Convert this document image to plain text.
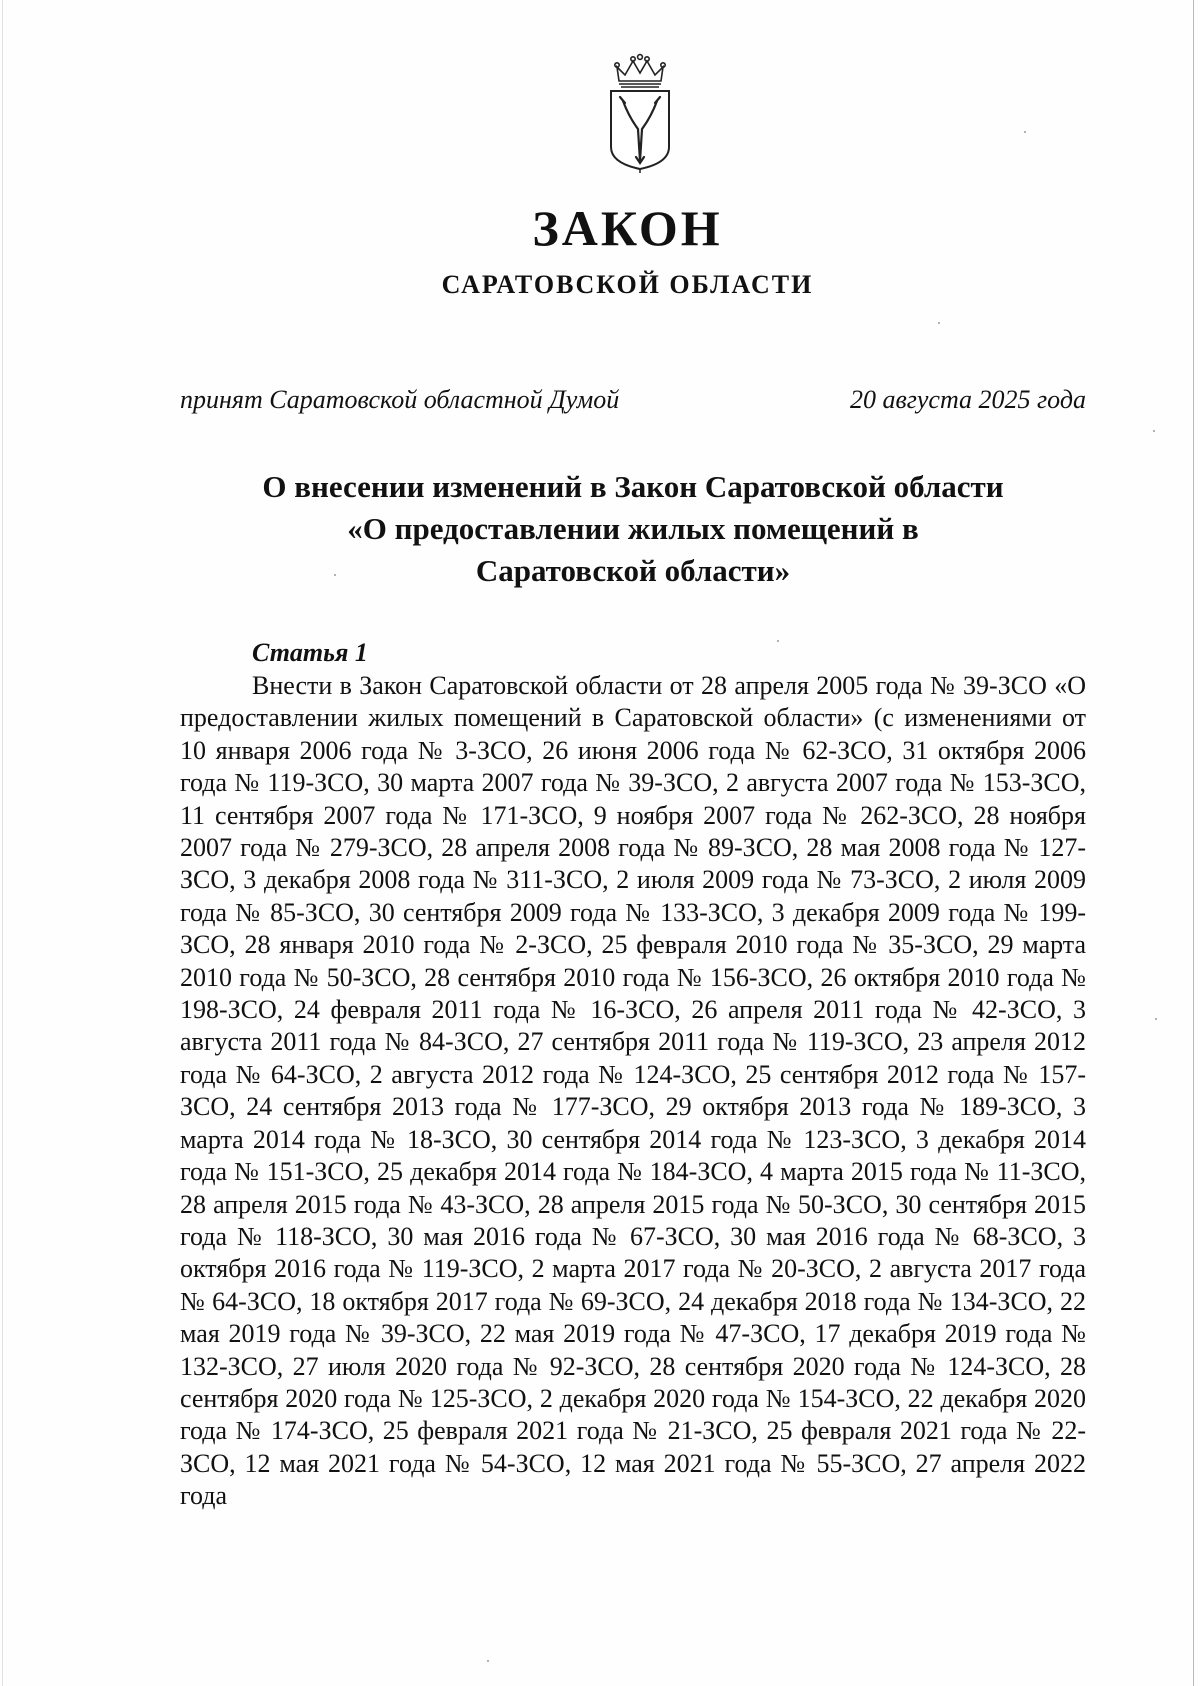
ЗАКОН
САРАТОВСКОЙ ОБЛАСТИ
принят Саратовской областной Думой	20 августа 2025 года
О внесении изменений в Закон Саратовской области
«О предоставлении жилых помещений в
Саратовской области»
Статья 1

Внести в Закон Саратовской области от 28 апреля 2005 года № 39-ЗСО «О предоставлении жилых помещений в Саратовской области» (с изменениями от 10 января 2006 года № 3-ЗСО, 26 июня 2006 года № 62-ЗСО, 31 октября 2006 года № 119-ЗСО, 30 марта 2007 года № 39-ЗСО, 2 августа 2007 года № 153-ЗСО, 11 сентября 2007 года № 171-ЗСО, 9 ноября 2007 года № 262-ЗСО, 28 ноября 2007 года № 279-ЗСО, 28 апреля 2008 года № 89-ЗСО, 28 мая 2008 года № 127-ЗСО, 3 декабря 2008 года № 311-ЗСО, 2 июля 2009 года № 73-ЗСО, 2 июля 2009 года № 85-ЗСО, 30 сентября 2009 года № 133-ЗСО, 3 декабря 2009 года № 199-ЗСО, 28 января 2010 года № 2-ЗСО, 25 февраля 2010 года № 35-ЗСО, 29 марта 2010 года № 50-ЗСО, 28 сентября 2010 года № 156-ЗСО, 26 октября 2010 года № 198-ЗСО, 24 февраля 2011 года № 16-ЗСО, 26 апреля 2011 года № 42-ЗСО, 3 августа 2011 года № 84-ЗСО, 27 сентября 2011 года № 119-ЗСО, 23 апреля 2012 года № 64-ЗСО, 2 августа 2012 года № 124-ЗСО, 25 сентября 2012 года № 157-ЗСО, 24 сентября 2013 года № 177-ЗСО, 29 октября 2013 года № 189-ЗСО, 3 марта 2014 года № 18-ЗСО, 30 сентября 2014 года № 123-ЗСО, 3 декабря 2014 года № 151-ЗСО, 25 декабря 2014 года № 184-ЗСО, 4 марта 2015 года № 11-ЗСО, 28 апреля 2015 года № 43-ЗСО, 28 апреля 2015 года № 50-ЗСО, 30 сентября 2015 года № 118-ЗСО, 30 мая 2016 года № 67-ЗСО, 30 мая 2016 года № 68-ЗСО, 3 октября 2016 года № 119-ЗСО, 2 марта 2017 года № 20-ЗСО, 2 августа 2017 года № 64-ЗСО, 18 октября 2017 года № 69-ЗСО, 24 декабря 2018 года № 134-ЗСО, 22 мая 2019 года № 39-ЗСО, 22 мая 2019 года № 47-ЗСО, 17 декабря 2019 года № 132-ЗСО, 27 июля 2020 года № 92-ЗСО, 28 сентября 2020 года № 124-ЗСО, 28 сентября 2020 года № 125-ЗСО, 2 декабря 2020 года № 154-ЗСО, 22 декабря 2020 года № 174-ЗСО, 25 февраля 2021 года № 21-ЗСО, 25 февраля 2021 года № 22-ЗСО, 12 мая 2021 года № 54-ЗСО, 12 мая 2021 года № 55-ЗСО, 27 апреля 2022 года
